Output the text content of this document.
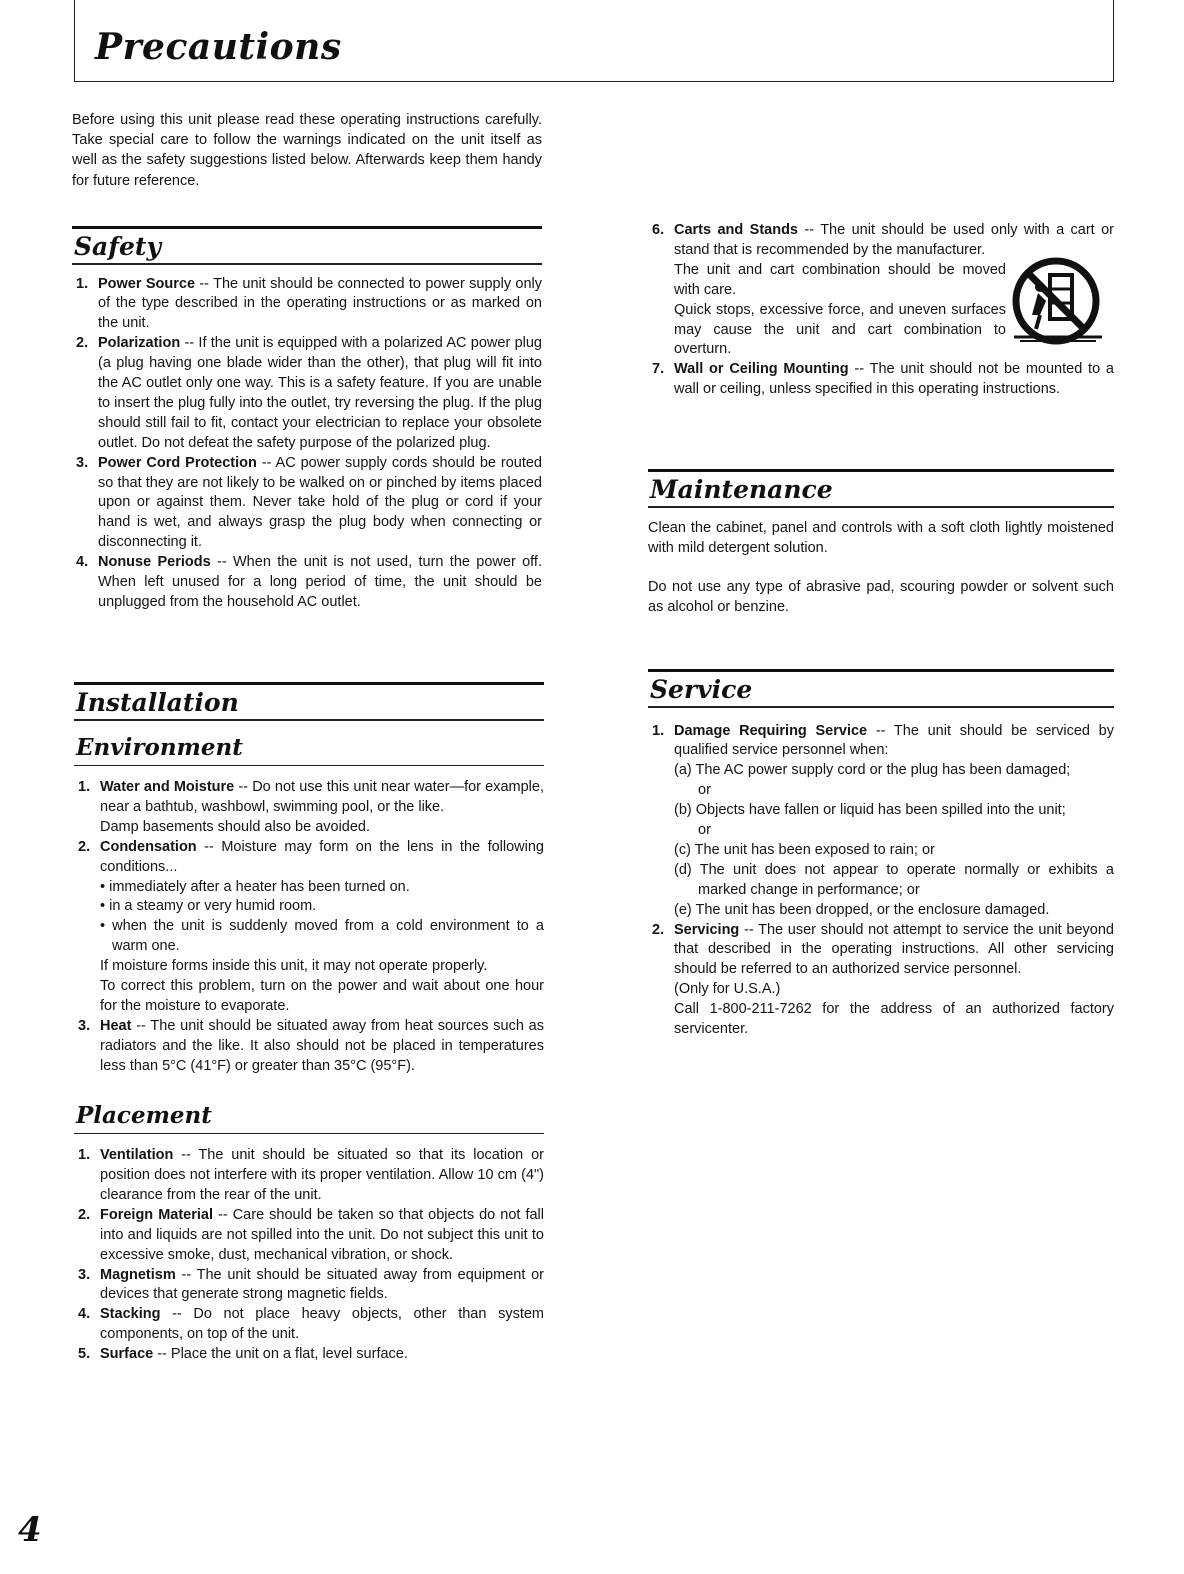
Precautions

Before using this unit please read these operating instructions carefully. Take special care to follow the warnings indicated on the unit itself as well as the safety suggestions listed below. Afterwards keep them handy for future reference.

Safety
1. Power Source -- The unit should be connected to power supply only of the type described in the operating instructions or as marked on the unit.
2. Polarization -- If the unit is equipped with a polarized AC power plug (a plug having one blade wider than the other), that plug will fit into the AC outlet only one way. This is a safety feature. If you are unable to insert the plug fully into the outlet, try reversing the plug. If the plug should still fail to fit, contact your electrician to replace your obsolete outlet. Do not defeat the safety purpose of the polarized plug.
3. Power Cord Protection -- AC power supply cords should be routed so that they are not likely to be walked on or pinched by items placed upon or against them. Never take hold of the plug or cord if your hand is wet, and always grasp the plug body when connecting or disconnecting it.
4. Nonuse Periods -- When the unit is not used, turn the power off. When left unused for a long period of time, the unit should be unplugged from the household AC outlet.
Installation
Environment
1. Water and Moisture -- Do not use this unit near water—for example, near a bathtub, washbowl, swimming pool, or the like.
Damp basements should also be avoided.
2. Condensation -- Moisture may form on the lens in the following conditions...
• immediately after a heater has been turned on.
• in a steamy or very humid room.
• when the unit is suddenly moved from a cold environment to a warm one.
If moisture forms inside this unit, it may not operate properly.
To correct this problem, turn on the power and wait about one hour for the moisture to evaporate.
3. Heat -- The unit should be situated away from heat sources such as radiators and the like. It also should not be placed in temperatures less than 5°C (41°F) or greater than 35°C (95°F).
Placement
1. Ventilation -- The unit should be situated so that its location or position does not interfere with its proper ventilation. Allow 10 cm (4") clearance from the rear of the unit.
2. Foreign Material -- Care should be taken so that objects do not fall into and liquids are not spilled into the unit. Do not subject this unit to excessive smoke, dust, mechanical vibration, or shock.
3. Magnetism -- The unit should be situated away from equipment or devices that generate strong magnetic fields.
4. Stacking -- Do not place heavy objects, other than system components, on top of the unit.
5. Surface -- Place the unit on a flat, level surface.
6. Carts and Stands -- The unit should be used only with a cart or stand that is recommended by the manufacturer.
The unit and cart combination should be moved with care.
Quick stops, excessive force, and uneven surfaces may cause the unit and cart combination to overturn.
7. Wall or Ceiling Mounting -- The unit should not be mounted to a wall or ceiling, unless specified in this operating instructions.
Maintenance

Clean the cabinet, panel and controls with a soft cloth lightly moistened with mild detergent solution.

Do not use any type of abrasive pad, scouring powder or solvent such as alcohol or benzine.

Service
1. Damage Requiring Service -- The unit should be serviced by qualified service personnel when:
(a) The AC power supply cord or the plug has been damaged;
or
(b) Objects have fallen or liquid has been spilled into the unit;
or
(c) The unit has been exposed to rain; or
(d) The unit does not appear to operate normally or exhibits a marked change in performance; or
(e) The unit has been dropped, or the enclosure damaged.
2. Servicing -- The user should not attempt to service the unit beyond that described in the operating instructions. All other servicing should be referred to an authorized service personnel.
(Only for U.S.A.)
Call 1-800-211-7262 for the address of an authorized factory servicenter.

4
